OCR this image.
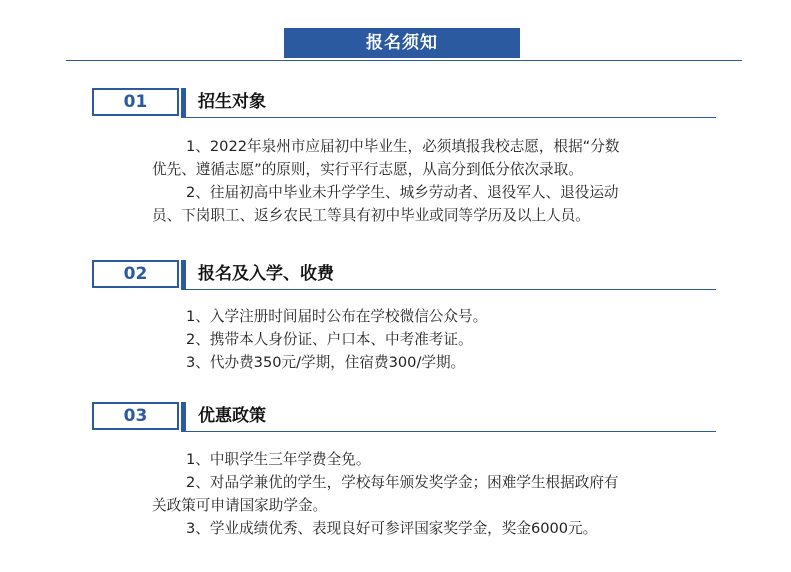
报名须知
01	招生对象
1、2022年泉州市应届初中毕业生，必须填报我校志愿，根据“分数
优先、遵循志愿”的原则，实行平行志愿，从高分到低分依次录取。
2、往届初高中毕业未升学学生、城乡劳动者、退役军人、退役运动
员、下岗职工、返乡农民工等具有初中毕业或同等学历及以上人员。
02	报名及入学、收费
1、入学注册时间届时公布在学校微信公众号。
2、携带本人身份证、户口本、中考准考证。
3、代办费350元/学期，住宿费300/学期。
03	优惠政策
1、中职学生三年学费全免。
2、对品学兼优的学生，学校每年颁发奖学金；困难学生根据政府有
关政策可申请国家助学金。
3、学业成绩优秀、表现良好可参评国家奖学金，奖金6000元。
